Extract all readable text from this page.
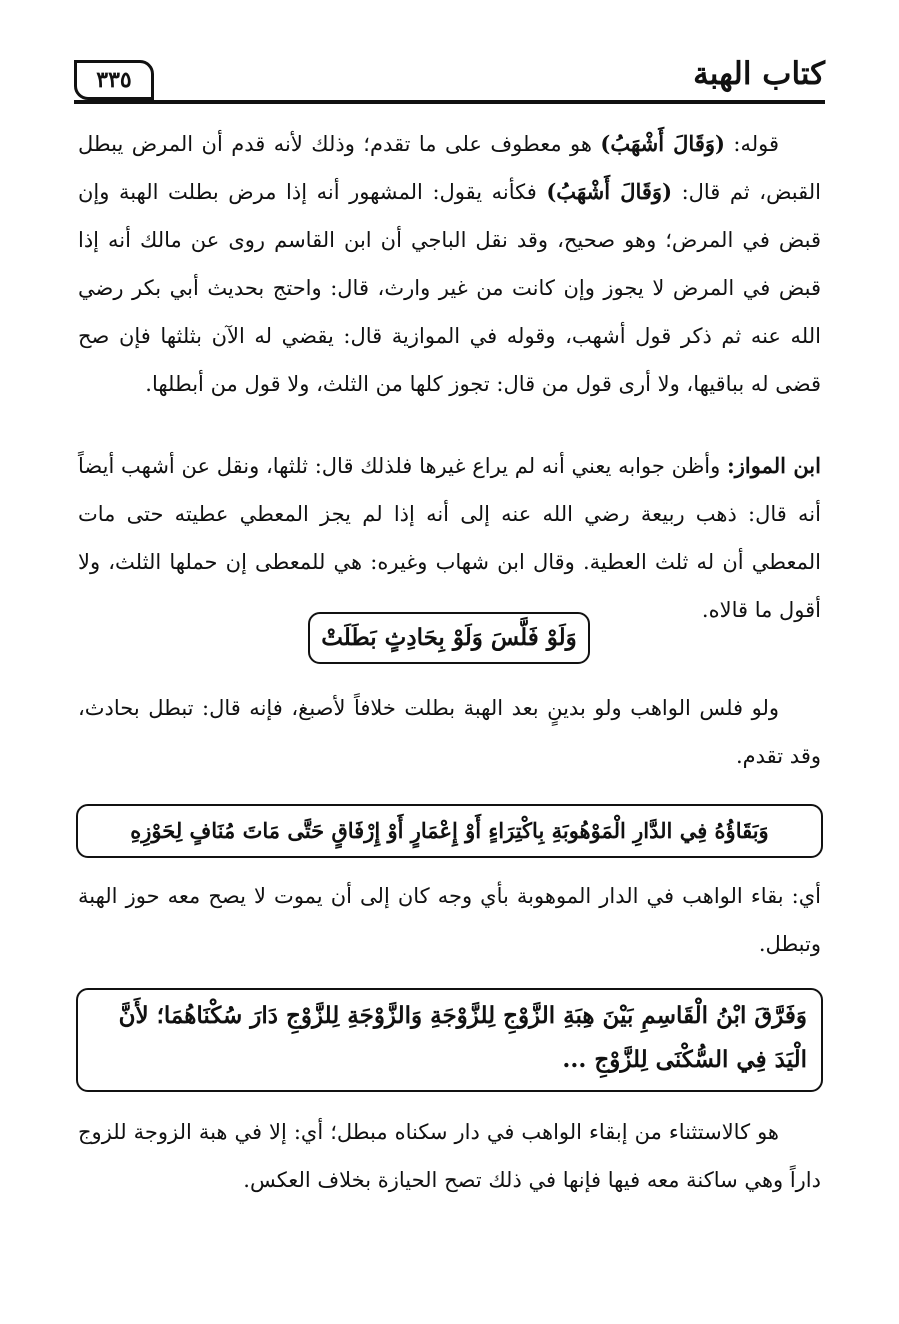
كتاب الهبة
٣٣٥
قوله: (وَقَالَ أَشْهَبُ) هو معطوف على ما تقدم؛ وذلك لأنه قدم أن المرض يبطل القبض، ثم قال: (وَقَالَ أَشْهَبُ) فكأنه يقول: المشهور أنه إذا مرض بطلت الهبة وإن قبض في المرض؛ وهو صحيح، وقد نقل الباجي أن ابن القاسم روى عن مالك أنه إذا قبض في المرض لا يجوز وإن كانت من غير وارث، قال: واحتج بحديث أبي بكر رضي الله عنه ثم ذكر قول أشهب، وقوله في الموازية قال: يقضي له الآن بثلثها فإن صح قضى له بباقيها، ولا أرى قول من قال: تجوز كلها من الثلث، ولا قول من أبطلها.
ابن المواز: وأظن جوابه يعني أنه لم يراع غيرها فلذلك قال: ثلثها، ونقل عن أشهب أيضاً أنه قال: ذهب ربيعة رضي الله عنه إلى أنه إذا لم يجز المعطي عطيته حتى مات المعطي أن له ثلث العطية. وقال ابن شهاب وغيره: هي للمعطى إن حملها الثلث، ولا أقول ما قالاه.
وَلَوْ فَلَّسَ وَلَوْ بِحَادِثٍ بَطَلَتْ
ولو فلس الواهب ولو بدينٍ بعد الهبة بطلت خلافاً لأصبغ، فإنه قال: تبطل بحادث، وقد تقدم.
وَبَقَاؤُهُ فِي الدَّارِ الْمَوْهُوبَةِ بِاكْتِرَاءٍ أَوْ إِعْمَارٍ أَوْ إِرْفَاقٍ حَتَّى مَاتَ مُنَافٍ لِحَوْزِهِ
أي: بقاء الواهب في الدار الموهوبة بأي وجه كان إلى أن يموت لا يصح معه حوز الهبة وتبطل.
وَفَرَّقَ ابْنُ الْقَاسِمِ بَيْنَ هِبَةِ الزَّوْجِ لِلزَّوْجَةِ وَالزَّوْجَةِ لِلزَّوْجِ دَارَ سُكْنَاهُمَا؛ لأَنَّ
الْيَدَ فِي السُّكْنَى لِلزَّوْجِ ...
هو كالاستثناء من إبقاء الواهب في دار سكناه مبطل؛ أي: إلا في هبة الزوجة للزوج داراً وهي ساكنة معه فيها فإنها في ذلك تصح الحيازة بخلاف العكس.
